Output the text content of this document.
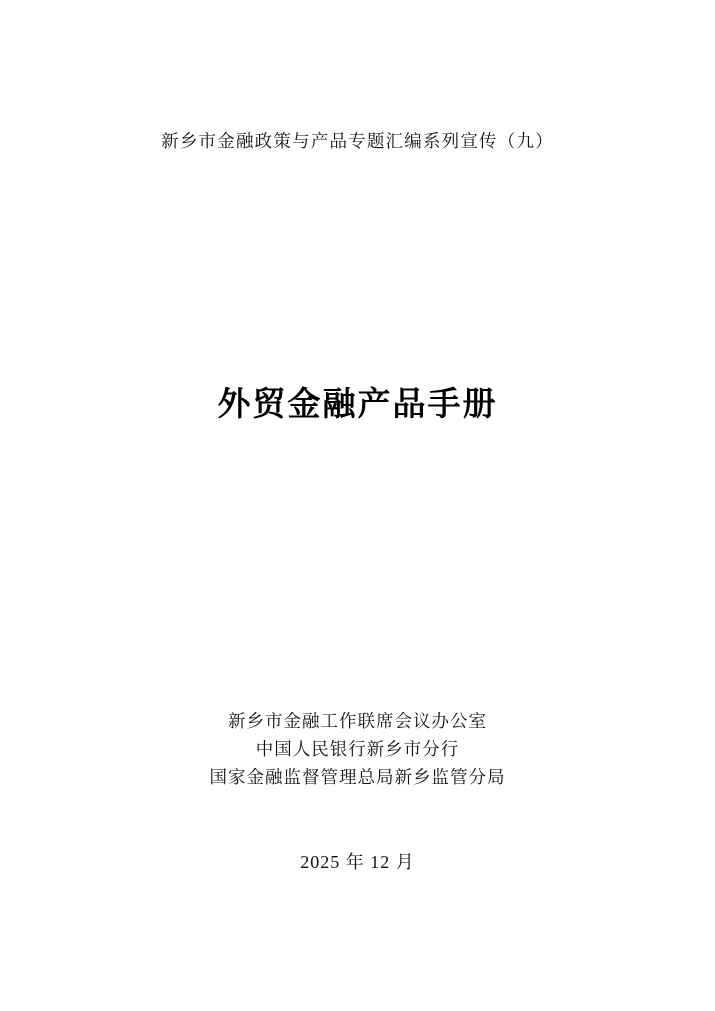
新乡市金融政策与产品专题汇编系列宣传（九）
外贸金融产品手册
新乡市金融工作联席会议办公室
中国人民银行新乡市分行
国家金融监督管理总局新乡监管分局
2025 年 12 月
